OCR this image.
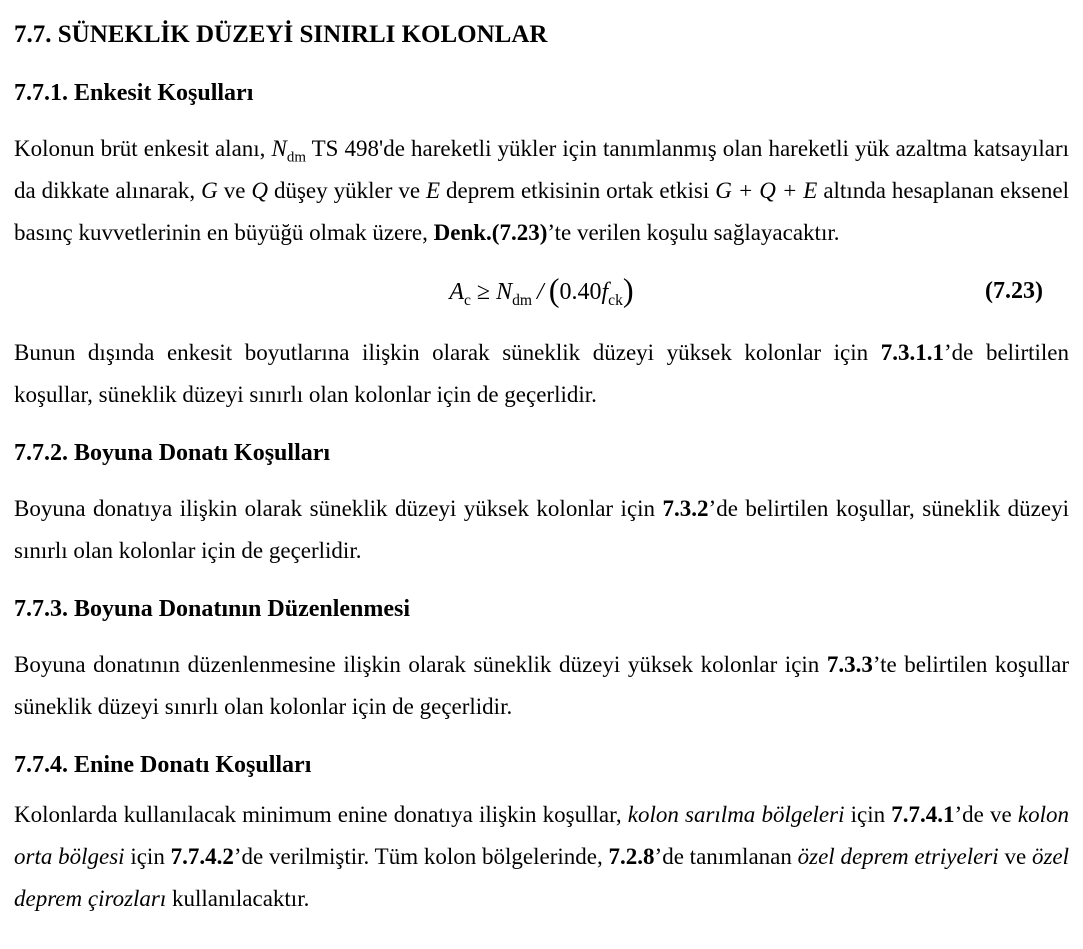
7.7. SÜNEKLİK DÜZEYİ SINIRLI KOLONLAR
7.7.1. Enkesit Koşulları

Kolonun brüt enkesit alanı, $N_{dm}$ TS 498'de hareketli yükler için tanımlanmış olan hareketli yük azaltma katsayıları da dikkate alınarak, G ve Q düşey yükler ve E deprem etkisinin ortak etkisi G + Q + E altında hesaplanan eksenel basınç kuvvetlerinin en büyüğü olmak üzere, Denk.(7.23)’te verilen koşulu sağlayacaktır.

$A_c \ge N_{dm} / (0.40f_{ck})$	(7.23)

Bunun dışında enkesit boyutlarına ilişkin olarak süneklik düzeyi yüksek kolonlar için 7.3.1.1’de belirtilen koşullar, süneklik düzeyi sınırlı olan kolonlar için de geçerlidir.

7.7.2. Boyuna Donatı Koşulları

Boyuna donatıya ilişkin olarak süneklik düzeyi yüksek kolonlar için 7.3.2’de belirtilen koşullar, süneklik düzeyi sınırlı olan kolonlar için de geçerlidir.

7.7.3. Boyuna Donatının Düzenlenmesi

Boyuna donatının düzenlenmesine ilişkin olarak süneklik düzeyi yüksek kolonlar için 7.3.3’te belirtilen koşullar süneklik düzeyi sınırlı olan kolonlar için de geçerlidir.

7.7.4. Enine Donatı Koşulları

Kolonlarda kullanılacak minimum enine donatıya ilişkin koşullar, kolon sarılma bölgeleri için 7.7.4.1’de ve kolon orta bölgesi için 7.7.4.2’de verilmiştir. Tüm kolon bölgelerinde, 7.2.8’de tanımlanan özel deprem etriyeleri ve özel deprem çirozları kullanılacaktır.
